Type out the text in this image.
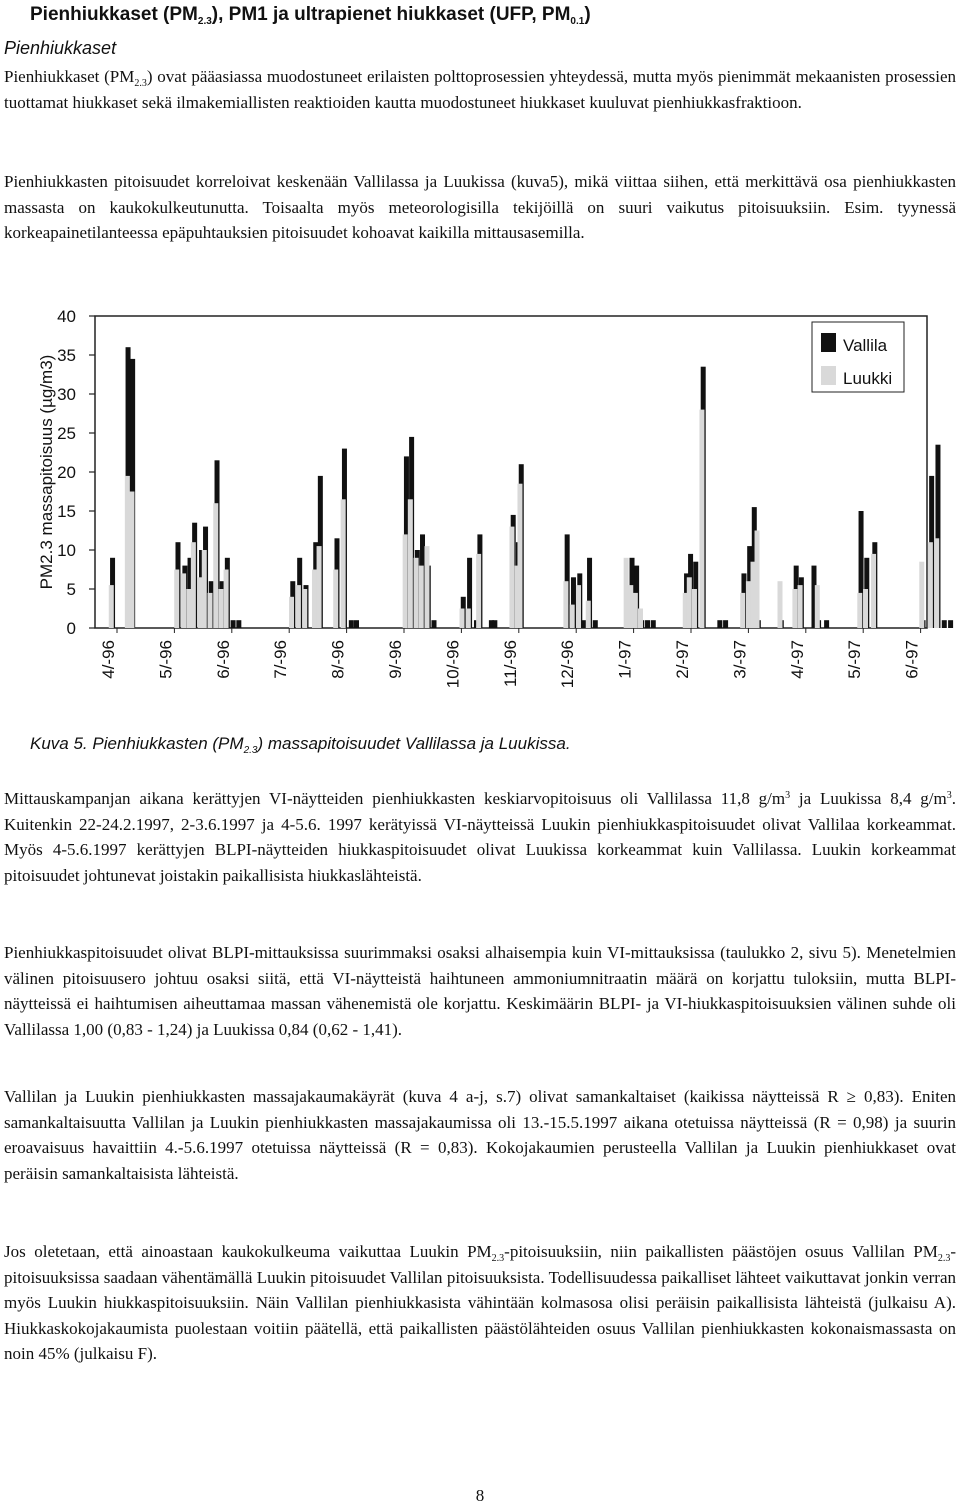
Pienhiukkaset $(PM_{2.3})$, PM1 ja ultrapienet hiukkaset (UFP, $PM_{0.1}$)
Pienhiukkaset
Pienhiukkaset $(PM_{2.3})$ ovat pääasiassa muodostuneet erilaisten polttoprosessien yhteydessä, mutta myös pienimmät mekaanisten prosessien tuottamat hiukkaset sekä ilmakemiallisten reaktioiden kautta muodostuneet hiukkaset kuuluvat pienhiukkasfraktioon.
Pienhiukkasten pitoisuudet korreloivat keskenään Vallilassa ja Luukissa (kuva5), mikä viittaa siihen, että merkittävä osa pienhiukkasten massasta on kaukokulkeutunutta. Toisaalta myös meteorologisilla tekijöillä on suuri vaikutus pitoisuuksiin. Esim. tyynessä korkeapainetilanteessa epäpuhtauksien pitoisuudet kohoavat kaikilla mittausasemilla.
4/-96 5/-96 6/-96 7/-96 8/-96 9/-96 10/-96 11/-96 12/-96 1/-97 2/-97 3/-97 4/-97 5/-97 6/-97
0
5
10
15
20
25
30
35
40
PM2.3 massapitoisuus (µg/m3)
Vallila
Luukki
Kuva 5. Pienhiukkasten $(PM_{2.3})$ massapitoisuudet Vallilassa ja Luukissa.
Mittauskampanjan aikana kerättyjen VI-näytteiden pienhiukkasten keskiarvopitoisuus oli Vallilassa 11,8 $g/m^3$ ja Luukissa 8,4 $g/m^3$. Kuitenkin 22-24.2.1997, 2-3.6.1997 ja 4-5.6. 1997 kerätyissä VI-näytteissä Luukin pienhiukkaspitoisuudet olivat Vallilaa korkeammat. Myös 4-5.6.1997 kerättyjen BLPI-näytteiden hiukkaspitoisuudet olivat Luukissa korkeammat kuin Vallilassa. Luukin korkeammat pitoisuudet johtunevat joistakin paikallisista hiukkaslähteistä.
Pienhiukkaspitoisuudet olivat BLPI-mittauksissa suurimmaksi osaksi alhaisempia kuin VI-mittauksissa (taulukko 2, sivu 5). Menetelmien välinen pitoisuusero johtuu osaksi siitä, että VI-näytteistä haihtuneen ammoniumnitraatin määrä on korjattu tuloksiin, mutta BLPI-näytteissä ei haihtumisen aiheuttamaa massan vähenemistä ole korjattu. Keskimäärin BLPI- ja VI-hiukkaspitoisuuksien välinen suhde oli Vallilassa 1,00 (0,83 - 1,24) ja Luukissa 0,84 (0,62 - 1,41).
Vallilan ja Luukin pienhiukkasten massajakaumakäyrät (kuva 4 a-j, s.7) olivat samankaltaiset (kaikissa näytteissä R ≥ 0,83). Eniten samankaltaisuutta Vallilan ja Luukin pienhiukkasten massajakaumissa oli 13.-15.5.1997 aikana otetuissa näytteissä (R = 0,98) ja suurin eroavaisuus havaittiin 4.-5.6.1997 otetuissa näytteissä (R = 0,83). Kokojakaumien perusteella Vallilan ja Luukin pienhiukkaset ovat peräisin samankaltaisista lähteistä.
Jos oletetaan, että ainoastaan kaukokulkeuma vaikuttaa Luukin $PM_{2.3}$-pitoisuuksiin, niin paikallisten päästöjen osuus Vallilan $PM_{2.3}$-pitoisuuksissa saadaan vähentämällä Luukin pitoisuudet Vallilan pitoisuuksista. Todellisuudessa paikalliset lähteet vaikuttavat jonkin verran myös Luukin hiukkaspitoisuuksiin. Näin Vallilan pienhiukkasista vähintään kolmasosa olisi peräisin paikallisista lähteistä (julkaisu A). Hiukkaskokojakaumista puolestaan voitiin päätellä, että paikallisten päästölähteiden osuus Vallilan pienhiukkasten kokonaismassasta on noin 45% (julkaisu F).
8
